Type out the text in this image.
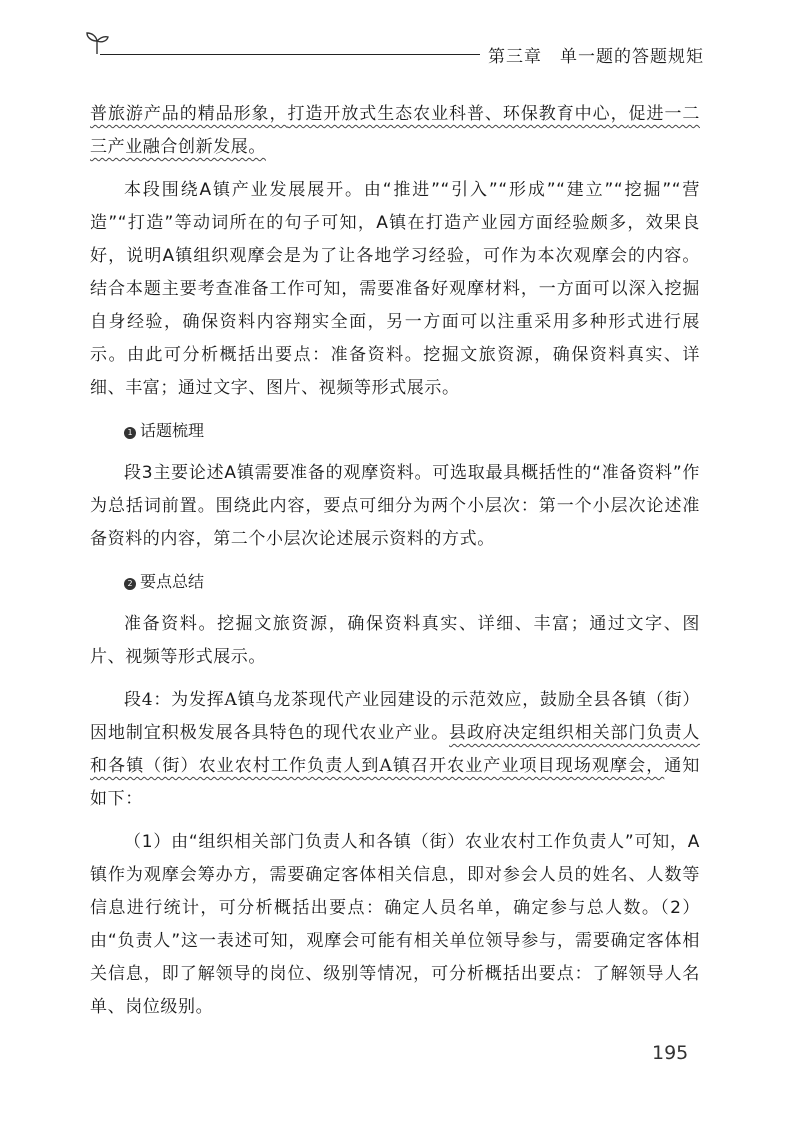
第三章 单一题的答题规矩

普旅游产品的精品形象，打造开放式生态农业科普、环保教育中心，促进一二三产业融合创新发展。

本段围绕A镇产业发展展开。由“推进”“引入”“形成”“建立”“挖掘”“营造”“打造”等动词所在的句子可知，A镇在打造产业园方面经验颇多，效果良好，说明A镇组织观摩会是为了让各地学习经验，可作为本次观摩会的内容。结合本题主要考查准备工作可知，需要准备好观摩材料，一方面可以深入挖掘自身经验，确保资料内容翔实全面，另一方面可以注重采用多种形式进行展示。由此可分析概括出要点：准备资料。挖掘文旅资源，确保资料真实、详细、丰富；通过文字、图片、视频等形式展示。

1 话题梳理

段3主要论述A镇需要准备的观摩资料。可选取最具概括性的“准备资料”作为总括词前置。围绕此内容，要点可细分为两个小层次：第一个小层次论述准备资料的内容，第二个小层次论述展示资料的方式。

2 要点总结

准备资料。挖掘文旅资源，确保资料真实、详细、丰富；通过文字、图片、视频等形式展示。

段4：为发挥A镇乌龙茶现代产业园建设的示范效应，鼓励全县各镇（街）因地制宜积极发展各具特色的现代农业产业。县政府决定组织相关部门负责人和各镇（街）农业农村工作负责人到A镇召开农业产业项目现场观摩会，通知如下：

（1）由“组织相关部门负责人和各镇（街）农业农村工作负责人”可知，A镇作为观摩会筹办方，需要确定客体相关信息，即对参会人员的姓名、人数等信息进行统计，可分析概括出要点：确定人员名单，确定参与总人数。（2）由“负责人”这一表述可知，观摩会可能有相关单位领导参与，需要确定客体相关信息，即了解领导的岗位、级别等情况，可分析概括出要点：了解领导人名单、岗位级别。

195
